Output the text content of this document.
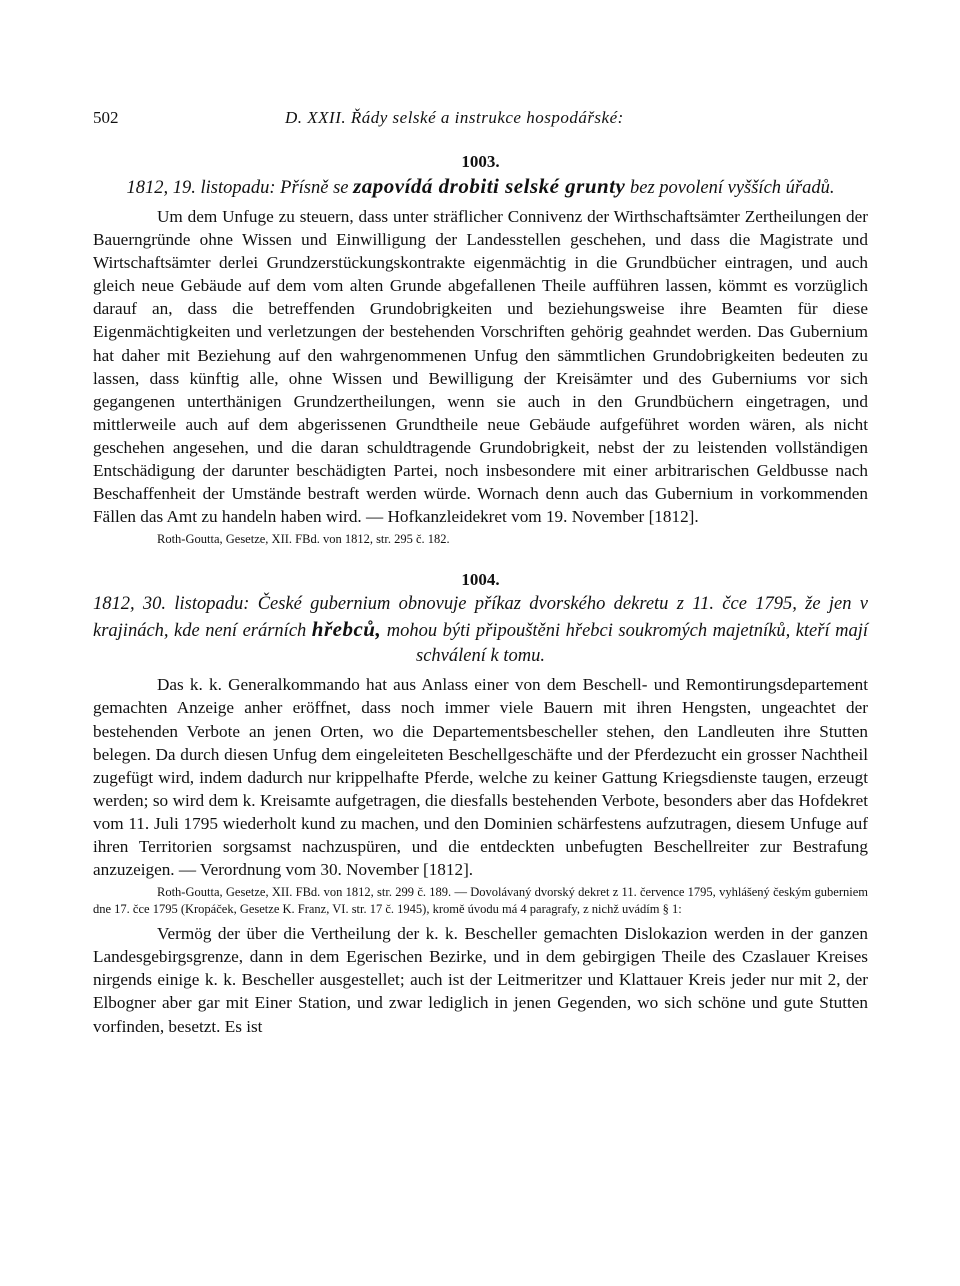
502	D. XXII. Řády selské a instrukce hospodářské:
1003.
1812, 19. listopadu: Přísně se zapovídá drobiti selské grunty bez povolení vyšších úřadů.

Um dem Unfuge zu steuern, dass unter sträflicher Connivenz der Wirthschaftsämter Zertheilungen der Bauerngründe ohne Wissen und Einwilligung der Landesstellen geschehen, und dass die Magistrate und Wirtschaftsämter derlei Grundzerstückungskontrakte eigenmächtig in die Grundbücher eintragen, und auch gleich neue Gebäude auf dem vom alten Grunde abgefallenen Theile aufführen lassen, kömmt es vorzüglich darauf an, dass die betreffenden Grundobrigkeiten und beziehungsweise ihre Beamten für diese Eigenmächtigkeiten und verletzungen der bestehenden Vorschriften gehörig geahndet werden. Das Gubernium hat daher mit Beziehung auf den wahrgenommenen Unfug den sämmtlichen Grundobrigkeiten bedeuten zu lassen, dass künftig alle, ohne Wissen und Bewilligung der Kreisämter und des Guberniums vor sich gegangenen unterthänigen Grundzertheilungen, wenn sie auch in den Grundbüchern eingetragen, und mittlerweile auch auf dem abgerissenen Grundtheile neue Gebäude aufgeführet worden wären, als nicht geschehen angesehen, und die daran schuldtragende Grundobrigkeit, nebst der zu leistenden vollständigen Entschädigung der darunter beschädigten Partei, noch insbesondere mit einer arbitrarischen Geldbusse nach Beschaffenheit der Umstände bestraft werden würde. Wornach denn auch das Gubernium in vorkommenden Fällen das Amt zu handeln haben wird. — Hofkanzleidekret vom 19. November [1812].

Roth-Goutta, Gesetze, XII. FBd. von 1812, str. 295 č. 182.

1004.
1812, 30. listopadu: České gubernium obnovuje příkaz dvorského dekretu z 11. čce 1795, že jen v krajinách, kde není erárních hřebců, mohou býti připouštěni hřebci soukromých majetníků, kteří mají schválení k tomu.

Das k. k. Generalkommando hat aus Anlass einer von dem Beschell- und Remontirungsdepartement gemachten Anzeige anher eröffnet, dass noch immer viele Bauern mit ihren Hengsten, ungeachtet der bestehenden Verbote an jenen Orten, wo die Departementsbescheller stehen, den Landleuten ihre Stutten belegen. Da durch diesen Unfug dem eingeleiteten Beschellgeschäfte und der Pferdezucht ein grosser Nachtheil zugefügt wird, indem dadurch nur krippelhafte Pferde, welche zu keiner Gattung Kriegsdienste taugen, erzeugt werden; so wird dem k. Kreisamte aufgetragen, die diesfalls bestehenden Verbote, besonders aber das Hofdekret vom 11. Juli 1795 wiederholt kund zu machen, und den Dominien schärfestens aufzutragen, diesem Unfuge auf ihren Territorien sorgsamst nachzuspüren, und die entdeckten unbefugten Beschellreiter zur Bestrafung anzuzeigen. — Verordnung vom 30. November [1812].

Roth-Goutta, Gesetze, XII. FBd. von 1812, str. 299 č. 189. — Dovolávaný dvorský dekret z 11. července 1795, vyhlášený českým guberniem dne 17. čce 1795 (Kropáček, Gesetze K. Franz, VI. str. 17 č. 1945), kromě úvodu má 4 paragrafy, z nichž uvádím § 1:

Vermög der über die Vertheilung der k. k. Bescheller gemachten Dislokazion werden in der ganzen Landesgebirgsgrenze, dann in dem Egerischen Bezirke, und in dem gebirgigen Theile des Czaslauer Kreises nirgends einige k. k. Bescheller ausgestellet; auch ist der Leitmeritzer und Klattauer Kreis jeder nur mit 2, der Elbogner aber gar mit Einer Station, und zwar lediglich in jenen Gegenden, wo sich schöne und gute Stutten vorfinden, besetzt. Es ist
